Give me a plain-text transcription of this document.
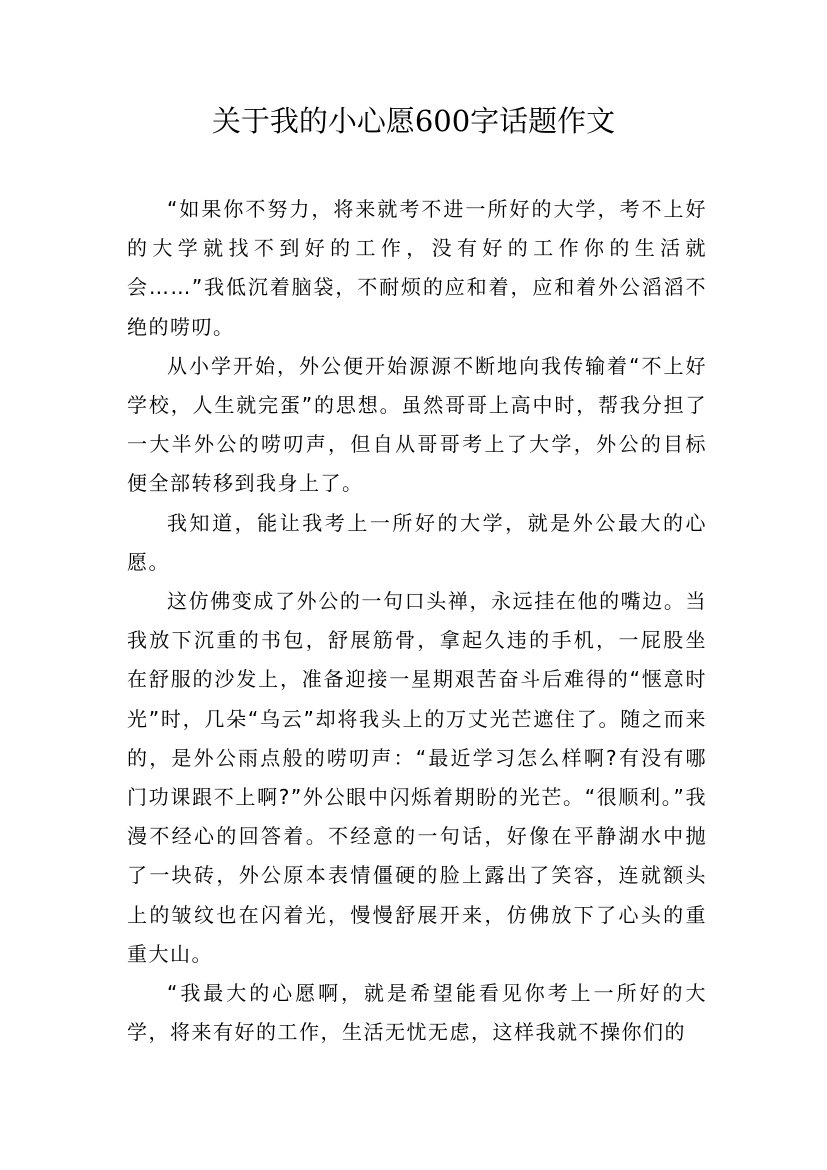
关于我的小心愿600字话题作文

“如果你不努力，将来就考不进一所好的大学，考不上好的大学就找不到好的工作，没有好的工作你的生活就会……”我低沉着脑袋，不耐烦的应和着，应和着外公滔滔不绝的唠叨。

从小学开始，外公便开始源源不断地向我传输着“不上好学校，人生就完蛋”的思想。虽然哥哥上高中时，帮我分担了一大半外公的唠叨声，但自从哥哥考上了大学，外公的目标便全部转移到我身上了。

我知道，能让我考上一所好的大学，就是外公最大的心愿。

这仿佛变成了外公的一句口头禅，永远挂在他的嘴边。当我放下沉重的书包，舒展筋骨，拿起久违的手机，一屁股坐在舒服的沙发上，准备迎接一星期艰苦奋斗后难得的“惬意时光”时，几朵“乌云”却将我头上的万丈光芒遮住了。随之而来的，是外公雨点般的唠叨声：“最近学习怎么样啊?有没有哪门功课跟不上啊?”外公眼中闪烁着期盼的光芒。“很顺利。”我漫不经心的回答着。不经意的一句话，好像在平静湖水中抛了一块砖，外公原本表情僵硬的脸上露出了笑容，连就额头上的皱纹也在闪着光，慢慢舒展开来，仿佛放下了心头的重重大山。

“我最大的心愿啊，就是希望能看见你考上一所好的大学，将来有好的工作，生活无忧无虑，这样我就不操你们的
